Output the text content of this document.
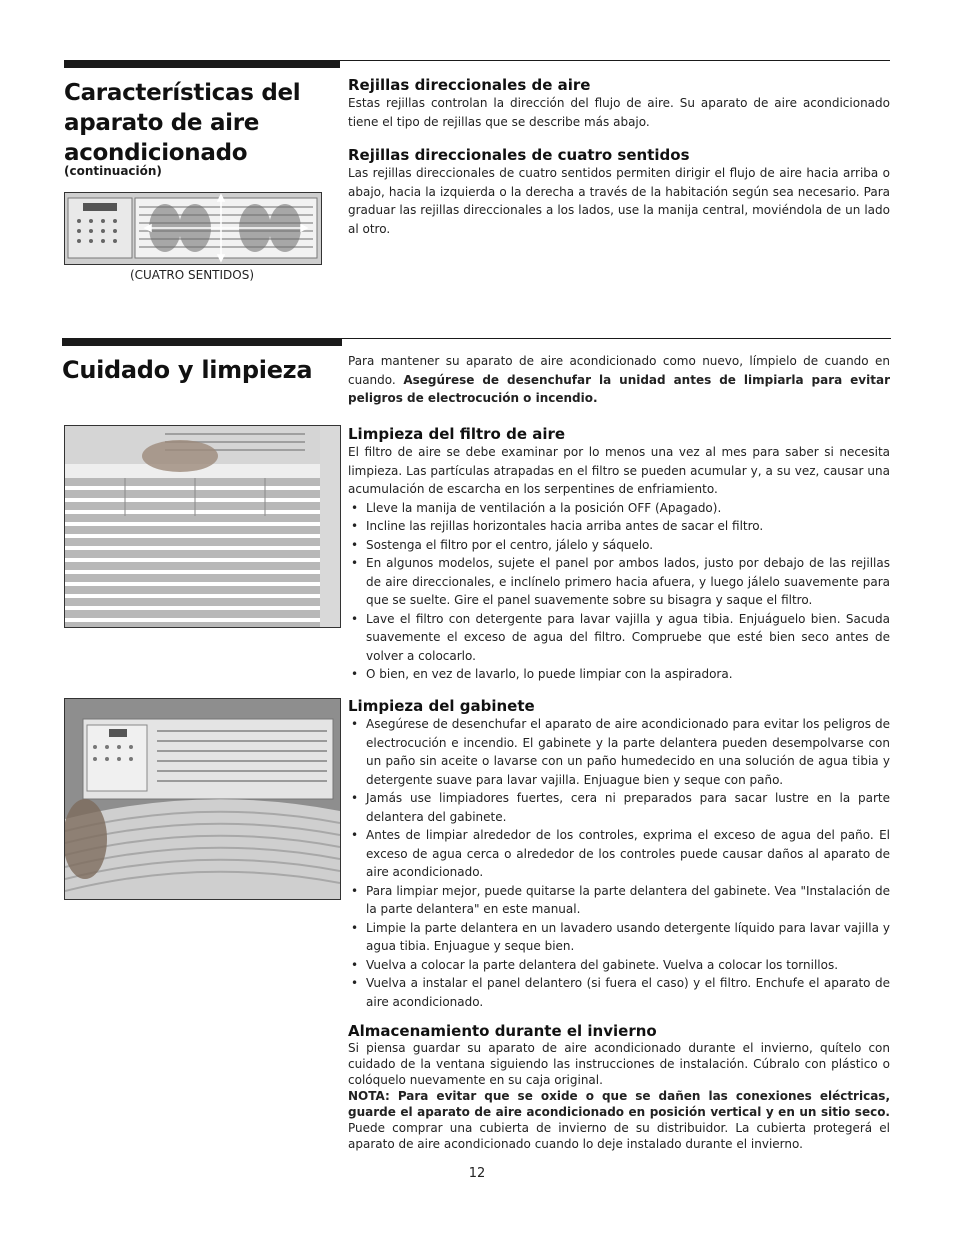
Características del
aparato de aire
acondicionado
(continuación)
(CUATRO SENTIDOS)
Rejillas direccionales de aire
Estas rejillas controlan la dirección del flujo de aire. Su aparato de aire acondicionado tiene el tipo de rejillas que se describe más abajo.
Rejillas direccionales de cuatro sentidos
Las rejillas direccionales de cuatro sentidos permiten dirigir el flujo de aire hacia arriba o abajo, hacia la izquierda o la derecha a través de la habitación según sea necesario. Para graduar las rejillas direccionales a los lados, use la manija central, moviéndola de un lado al otro.
Cuidado y limpieza	Para mantener su aparato de aire acondicionado como nuevo, límpielo de cuando en cuando. Asegúrese de desenchufar la unidad antes de limpiarla para evitar peligros de electrocución o incendio.
Limpieza del filtro de aire
El filtro de aire se debe examinar por lo menos una vez al mes para saber si necesita limpieza. Las partículas atrapadas en el filtro se pueden acumular y, a su vez, causar una acumulación de escarcha en los serpentines de enfriamiento.
• Lleve la manija de ventilación a la posición OFF (Apagado).
• Incline las rejillas horizontales hacia arriba antes de sacar el filtro.
• Sostenga el filtro por el centro, jálelo y sáquelo.
• En algunos modelos, sujete el panel por ambos lados, justo por debajo de las rejillas de aire direccionales, e inclínelo primero hacia afuera, y luego jálelo suavemente para que se suelte. Gire el panel suavemente sobre su bisagra y saque el filtro.
• Lave el filtro con detergente para lavar vajilla y agua tibia. Enjuáguelo bien. Sacuda suavemente el exceso de agua del filtro. Compruebe que esté bien seco antes de volver a colocarlo.
• O bien, en vez de lavarlo, lo puede limpiar con la aspiradora.
Limpieza del gabinete
• Asegúrese de desenchufar el aparato de aire acondicionado para evitar los peligros de electrocución e incendio. El gabinete y la parte delantera pueden desempolvarse con un paño sin aceite o lavarse con un paño humedecido en una solución de agua tibia y detergente suave para lavar vajilla. Enjuague bien y seque con paño.
• Jamás use limpiadores fuertes, cera ni preparados para sacar lustre en la parte delantera del gabinete.
• Antes de limpiar alrededor de los controles, exprima el exceso de agua del paño. El exceso de agua cerca o alrededor de los controles puede causar daños al aparato de aire acondicionado.
• Para limpiar mejor, puede quitarse la parte delantera del gabinete. Vea "Instalación de la parte delantera" en este manual.
• Limpie la parte delantera en un lavadero usando detergente líquido para lavar vajilla y agua tibia. Enjuague y seque bien.
• Vuelva a colocar la parte delantera del gabinete. Vuelva a colocar los tornillos.
• Vuelva a instalar el panel delantero (si fuera el caso) y el filtro. Enchufe el aparato de aire acondicionado.
Almacenamiento durante el invierno
Si piensa guardar su aparato de aire acondicionado durante el invierno, quítelo con cuidado de la ventana siguiendo las instrucciones de instalación. Cúbralo con plástico o colóquelo nuevamente en su caja original.
NOTA: Para evitar que se oxide o que se dañen las conexiones eléctricas, guarde el aparato de aire acondicionado en posición vertical y en un sitio seco. Puede comprar una cubierta de invierno de su distribuidor. La cubierta protegerá el aparato de aire acondicionado cuando lo deje instalado durante el invierno.
12
